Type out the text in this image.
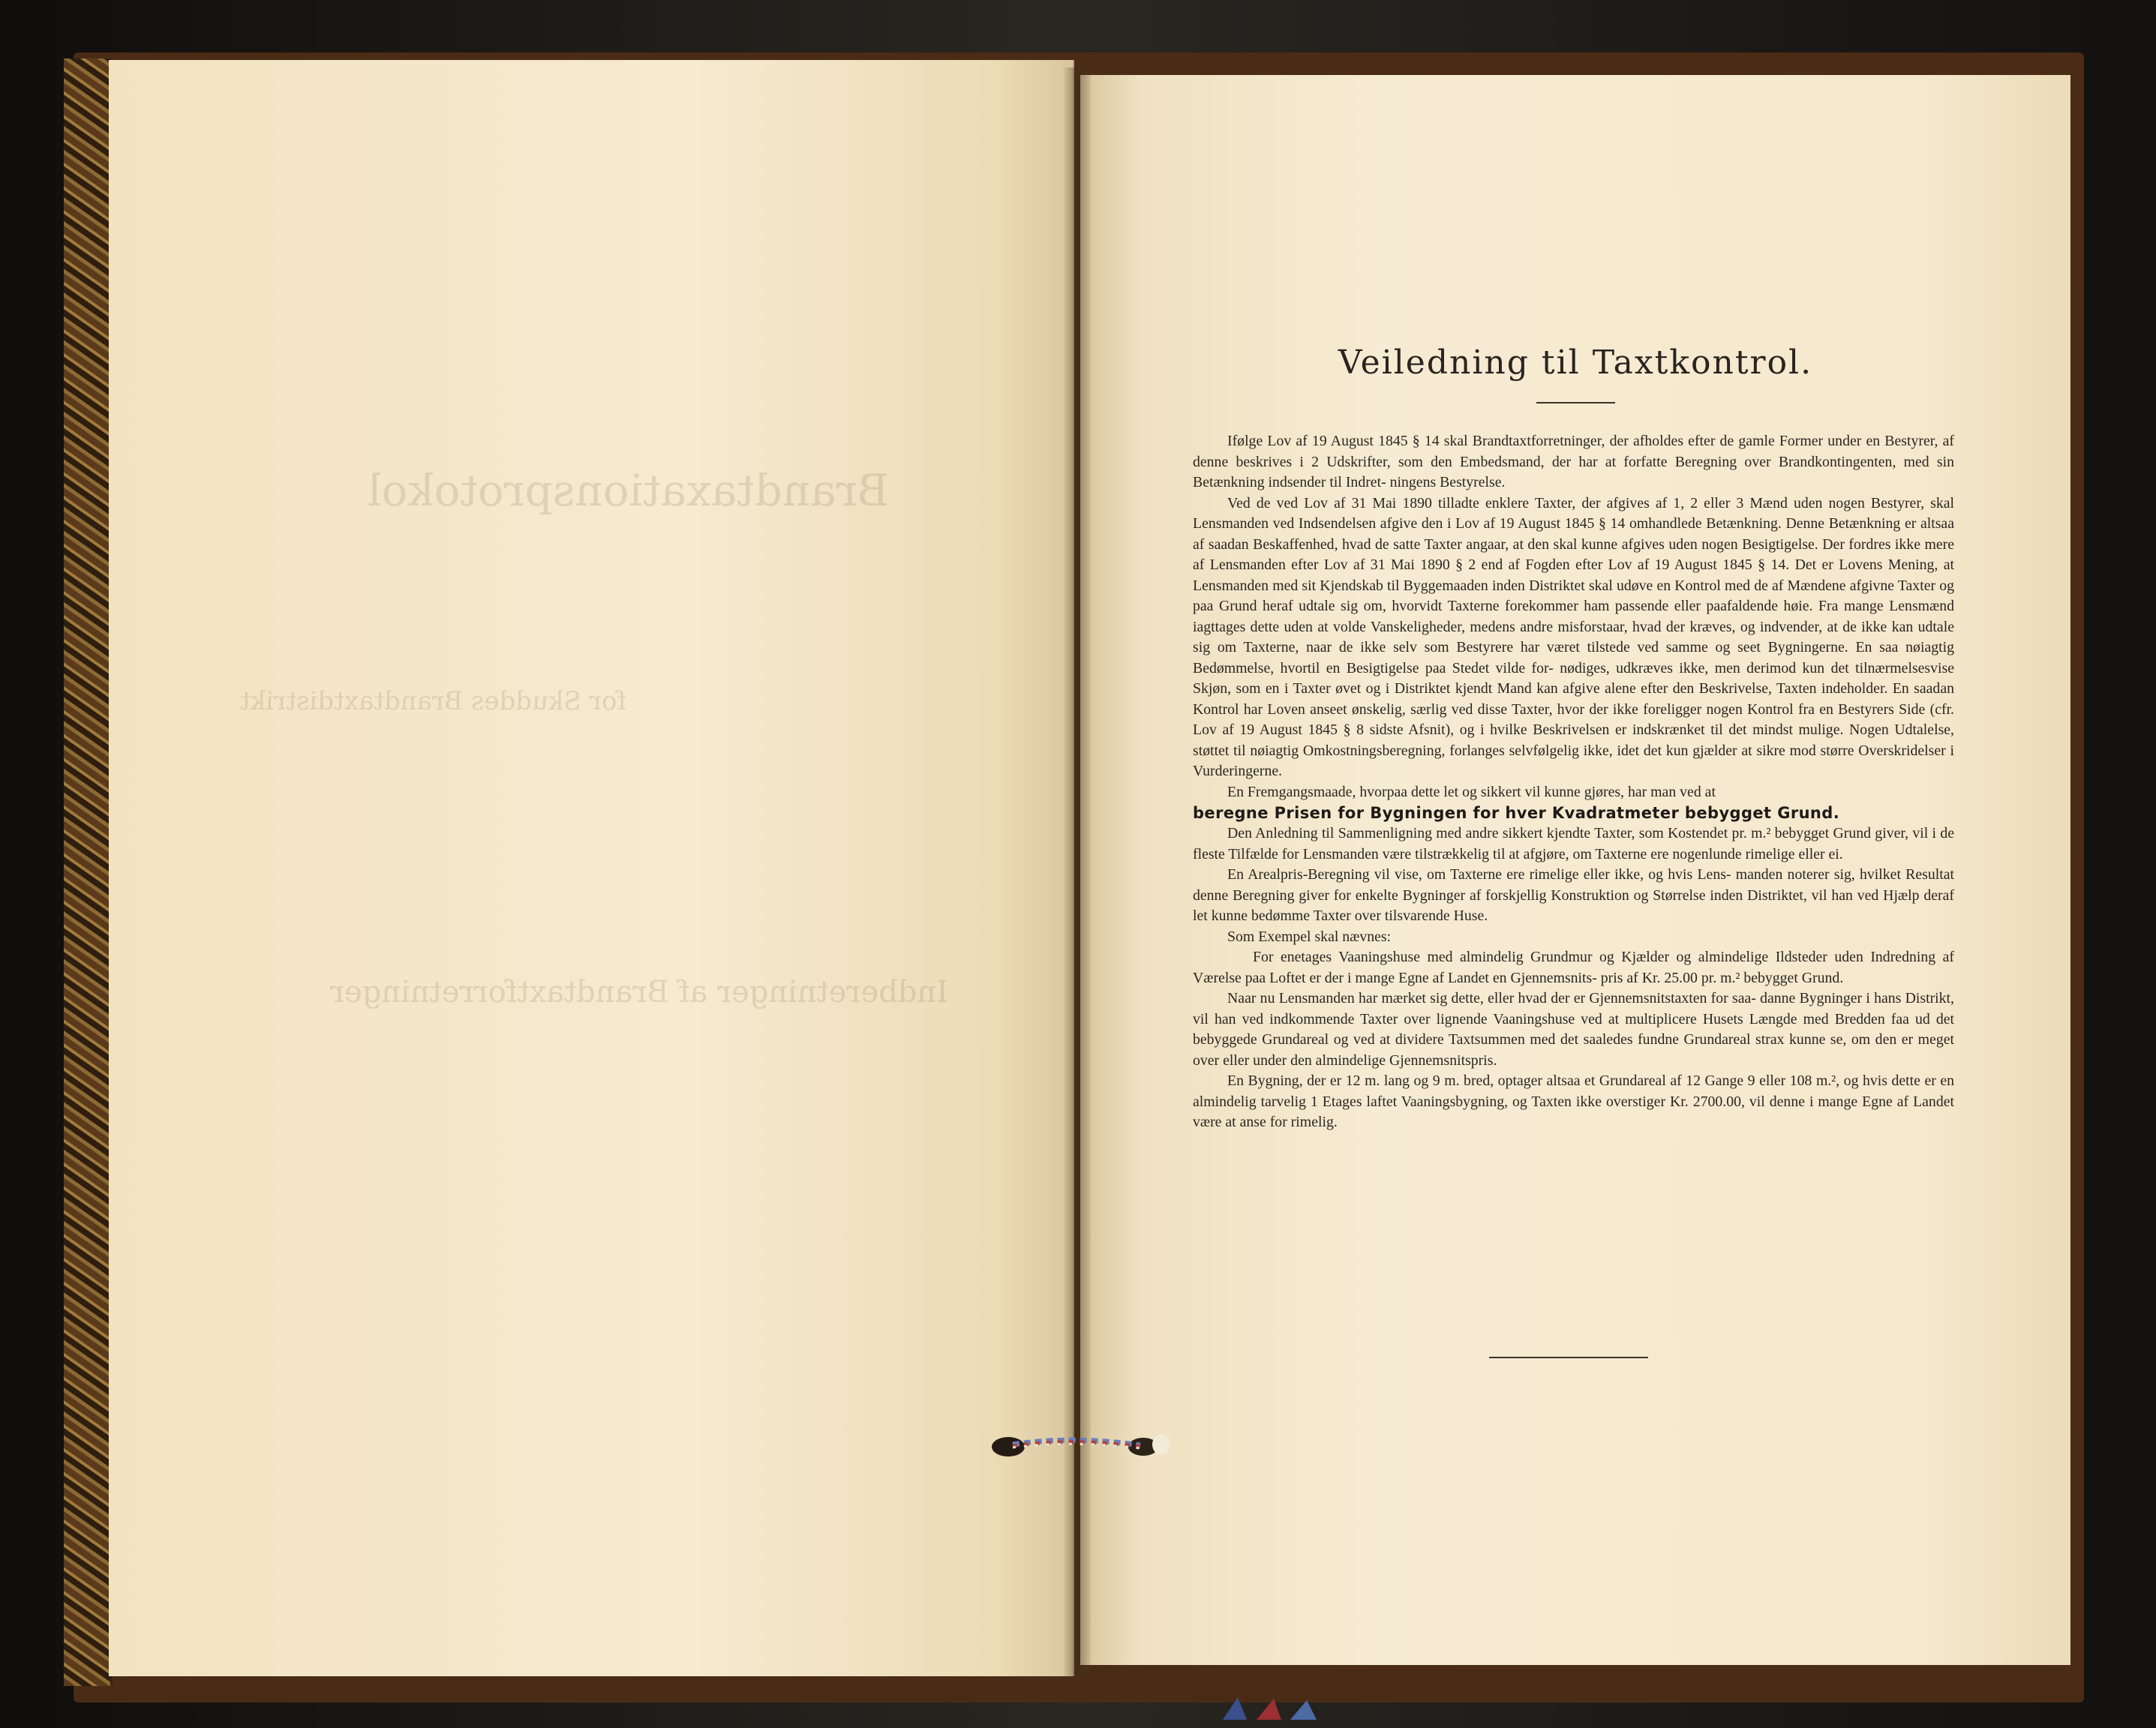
Brandtaxationsprotokol
for Skuddes Brandtaxtdistrikt
Indberetninger af Brandtaxtforretninger
Veiledning til Taxtkontrol.

Ifølge Lov af 19 August 1845 § 14 skal Brandtaxtforretninger, der afholdes efter de gamle Former under en Bestyrer, af denne beskrives i 2 Udskrifter, som den Embedsmand, der har at forfatte Beregning over Brandkontingenten, med sin Betænkning indsender til Indret- ningens Bestyrelse.

Ved de ved Lov af 31 Mai 1890 tilladte enklere Taxter, der afgives af 1, 2 eller 3 Mænd uden nogen Bestyrer, skal Lensmanden ved Indsendelsen afgive den i Lov af 19 August 1845 § 14 omhandlede Betænkning. Denne Betænkning er altsaa af saadan Beskaffenhed, hvad de satte Taxter angaar, at den skal kunne afgives uden nogen Besigtigelse. Der fordres ikke mere af Lensmanden efter Lov af 31 Mai 1890 § 2 end af Fogden efter Lov af 19 August 1845 § 14. Det er Lovens Mening, at Lensmanden med sit Kjendskab til Byggemaaden inden Distriktet skal udøve en Kontrol med de af Mændene afgivne Taxter og paa Grund heraf udtale sig om, hvorvidt Taxterne forekommer ham passende eller paafaldende høie. Fra mange Lensmænd iagttages dette uden at volde Vanskeligheder, medens andre misforstaar, hvad der kræves, og indvender, at de ikke kan udtale sig om Taxterne, naar de ikke selv som Bestyrere har været tilstede ved samme og seet Bygningerne. En saa nøiagtig Bedømmelse, hvortil en Besigtigelse paa Stedet vilde for- nødiges, udkræves ikke, men derimod kun det tilnærmelsesvise Skjøn, som en i Taxter øvet og i Distriktet kjendt Mand kan afgive alene efter den Beskrivelse, Taxten indeholder. En saadan Kontrol har Loven anseet ønskelig, særlig ved disse Taxter, hvor der ikke foreligger nogen Kontrol fra en Bestyrers Side (cfr. Lov af 19 August 1845 § 8 sidste Afsnit), og i hvilke Beskrivelsen er indskrænket til det mindst mulige. Nogen Udtalelse, støttet til nøiagtig Omkostningsberegning, forlanges selvfølgelig ikke, idet det kun gjælder at sikre mod større Overskridelser i Vurderingerne.

En Fremgangsmaade, hvorpaa dette let og sikkert vil kunne gjøres, har man ved at
beregne Prisen for Bygningen for hver Kvadratmeter bebygget Grund.

Den Anledning til Sammenligning med andre sikkert kjendte Taxter, som Kostendet pr. m.² bebygget Grund giver, vil i de fleste Tilfælde for Lensmanden være tilstrækkelig til at afgjøre, om Taxterne ere nogenlunde rimelige eller ei.

En Arealpris-Beregning vil vise, om Taxterne ere rimelige eller ikke, og hvis Lens- manden noterer sig, hvilket Resultat denne Beregning giver for enkelte Bygninger af forskjellig Konstruktion og Størrelse inden Distriktet, vil han ved Hjælp deraf let kunne bedømme Taxter over tilsvarende Huse.

Som Exempel skal nævnes:

For enetages Vaaningshuse med almindelig Grundmur og Kjælder og almindelige Ildsteder uden Indredning af Værelse paa Loftet er der i mange Egne af Landet en Gjennemsnits- pris af Kr. 25.00 pr. m.² bebygget Grund.

Naar nu Lensmanden har mærket sig dette, eller hvad der er Gjennemsnitstaxten for saa- danne Bygninger i hans Distrikt, vil han ved indkommende Taxter over lignende Vaaningshuse ved at multiplicere Husets Længde med Bredden faa ud det bebyggede Grundareal og ved at dividere Taxtsummen med det saaledes fundne Grundareal strax kunne se, om den er meget over eller under den almindelige Gjennemsnitspris.

En Bygning, der er 12 m. lang og 9 m. bred, optager altsaa et Grundareal af 12 Gange 9 eller 108 m.², og hvis dette er en almindelig tarvelig 1 Etages laftet Vaaningsbygning, og Taxten ikke overstiger Kr. 2700.00, vil denne i mange Egne af Landet være at anse for rimelig.
